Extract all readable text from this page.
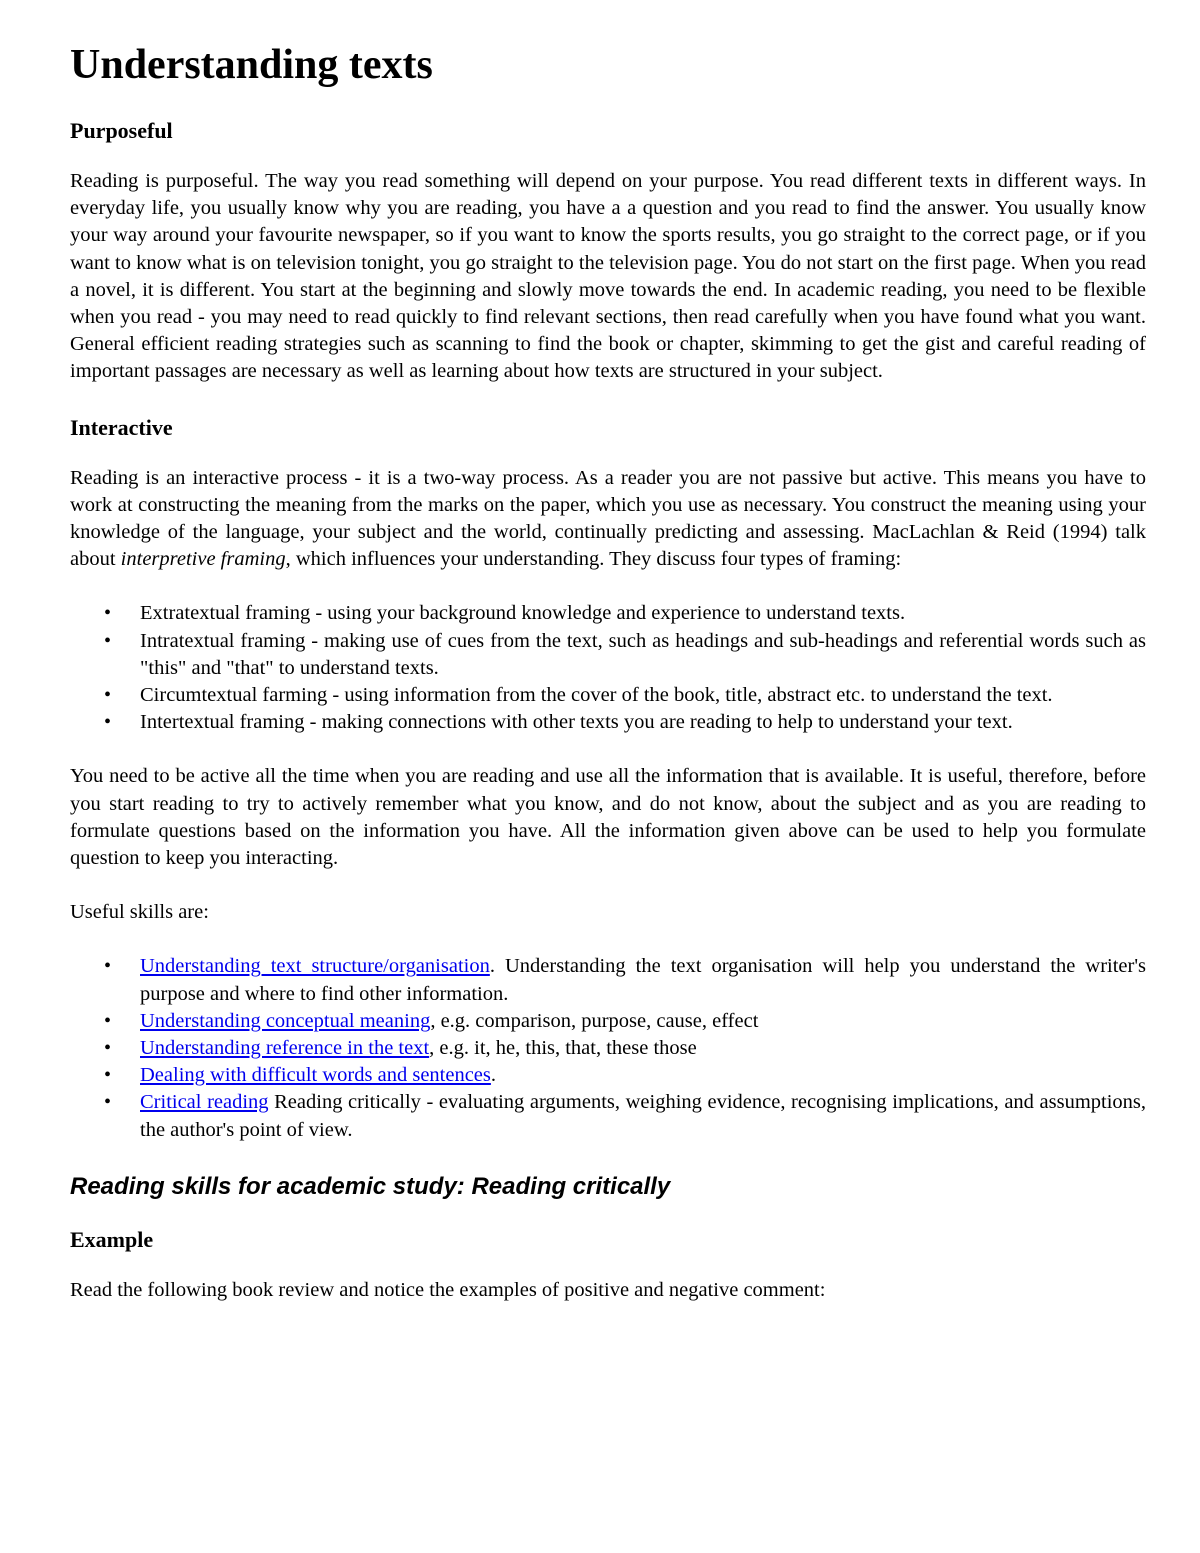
Understanding texts
Purposeful

Reading is purposeful. The way you read something will depend on your purpose. You read different texts in different ways. In everyday life, you usually know why you are reading, you have a a question and you read to find the answer. You usually know your way around your favourite newspaper, so if you want to know the sports results, you go straight to the correct page, or if you want to know what is on television tonight, you go straight to the television page. You do not start on the first page. When you read a novel, it is different. You start at the beginning and slowly move towards the end. In academic reading, you need to be flexible when you read - you may need to read quickly to find relevant sections, then read carefully when you have found what you want. General efficient reading strategies such as scanning to find the book or chapter, skimming to get the gist and careful reading of important passages are necessary as well as learning about how texts are structured in your subject.

Interactive

Reading is an interactive process - it is a two-way process. As a reader you are not passive but active. This means you have to work at constructing the meaning from the marks on the paper, which you use as necessary. You construct the meaning using your knowledge of the language, your subject and the world, continually predicting and assessing. MacLachlan & Reid (1994) talk about interpretive framing, which influences your understanding. They discuss four types of framing:

• Extratextual framing - using your background knowledge and experience to understand texts.
• Intratextual framing - making use of cues from the text, such as headings and sub-headings and referential words such as "this" and "that" to understand texts.
• Circumtextual farming - using information from the cover of the book, title, abstract etc. to understand the text.
• Intertextual framing - making connections with other texts you are reading to help to understand your text.

You need to be active all the time when you are reading and use all the information that is available. It is useful, therefore, before you start reading to try to actively remember what you know, and do not know, about the subject and as you are reading to formulate questions based on the information you have. All the information given above can be used to help you formulate question to keep you interacting.

Useful skills are:

• Understanding text structure/organisation. Understanding the text organisation will help you understand the writer's purpose and where to find other information.
• Understanding conceptual meaning, e.g. comparison, purpose, cause, effect
• Understanding reference in the text, e.g. it, he, this, that, these those
• Dealing with difficult words and sentences.
• Critical reading Reading critically - evaluating arguments, weighing evidence, recognising implications, and assumptions, the author's point of view.
Reading skills for academic study: Reading critically
Example

Read the following book review and notice the examples of positive and negative comment:
